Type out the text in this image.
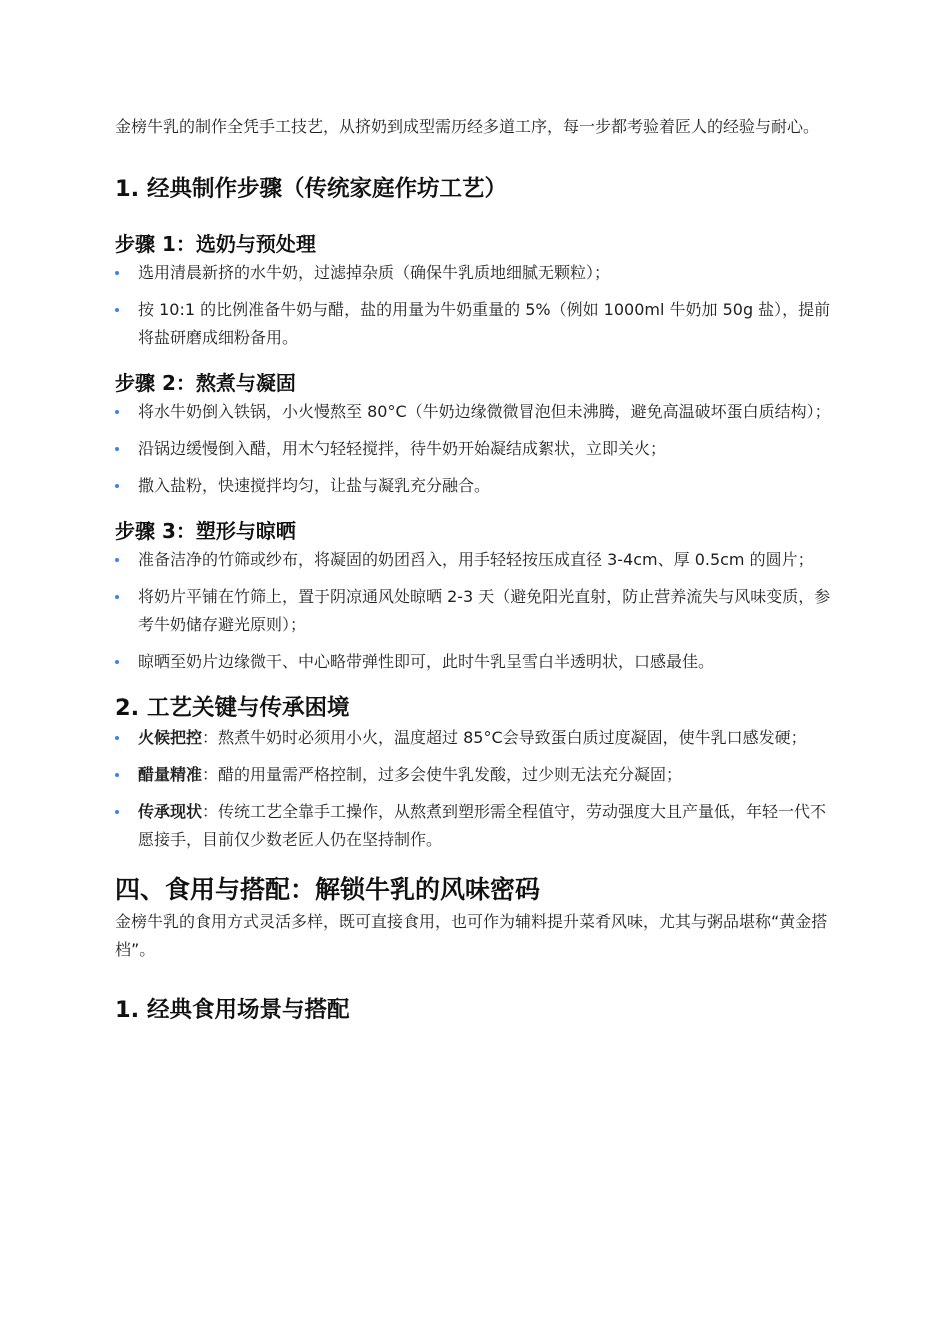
金榜牛乳的制作全凭手工技艺，从挤奶到成型需历经多道工序，每一步都考验着匠人的经验与耐心。

1. 经典制作步骤（传统家庭作坊工艺）
步骤 1：选奶与预处理
选用清晨新挤的水牛奶，过滤掉杂质（确保牛乳质地细腻无颗粒）；
按 10:1 的比例准备牛奶与醋，盐的用量为牛奶重量的 5%（例如 1000ml 牛奶加 50g 盐），提前将盐研磨成细粉备用。
步骤 2：熬煮与凝固
将水牛奶倒入铁锅，小火慢熬至 80°C（牛奶边缘微微冒泡但未沸腾，避免高温破坏蛋白质结构）；
沿锅边缓慢倒入醋，用木勺轻轻搅拌，待牛奶开始凝结成絮状，立即关火；
撒入盐粉，快速搅拌均匀，让盐与凝乳充分融合。
步骤 3：塑形与晾晒
准备洁净的竹筛或纱布，将凝固的奶团舀入，用手轻轻按压成直径 3-4cm、厚 0.5cm 的圆片；
将奶片平铺在竹筛上，置于阴凉通风处晾晒 2-3 天（避免阳光直射，防止营养流失与风味变质，参考牛奶储存避光原则）；
晾晒至奶片边缘微干、中心略带弹性即可，此时牛乳呈雪白半透明状，口感最佳。
2. 工艺关键与传承困境
火候把控：熬煮牛奶时必须用小火，温度超过 85°C会导致蛋白质过度凝固，使牛乳口感发硬；
醋量精准：醋的用量需严格控制，过多会使牛乳发酸，过少则无法充分凝固；
传承现状：传统工艺全靠手工操作，从熬煮到塑形需全程值守，劳动强度大且产量低，年轻一代不愿接手，目前仅少数老匠人仍在坚持制作。
四、食用与搭配：解锁牛乳的风味密码

金榜牛乳的食用方式灵活多样，既可直接食用，也可作为辅料提升菜肴风味，尤其与粥品堪称“黄金搭档”。

1. 经典食用场景与搭配
